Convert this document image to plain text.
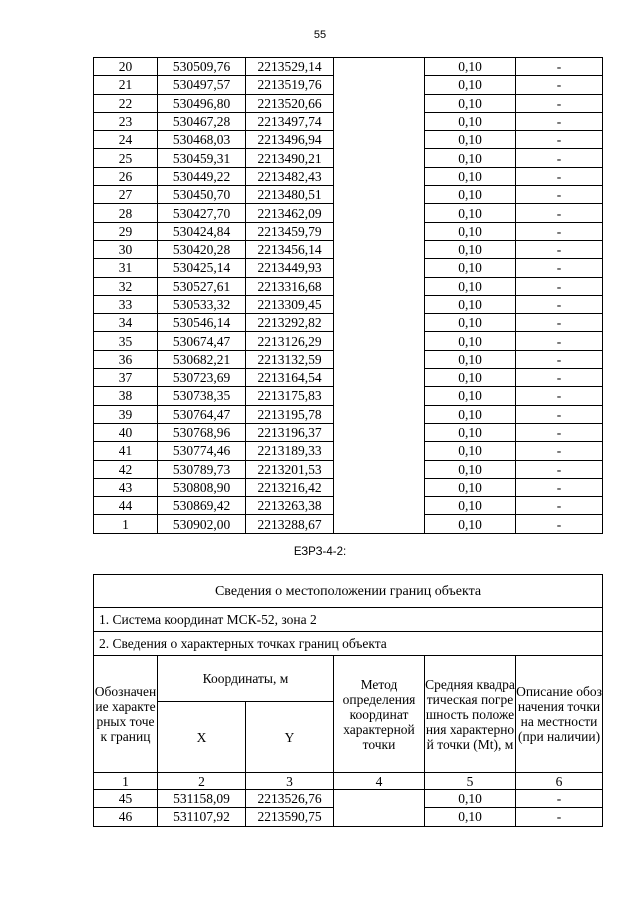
55
20	530509,76	2213529,14		0,10	-
21	530497,57	2213519,76		0,10	-
22	530496,80	2213520,66		0,10	-
23	530467,28	2213497,74		0,10	-
24	530468,03	2213496,94		0,10	-
25	530459,31	2213490,21		0,10	-
26	530449,22	2213482,43		0,10	-
27	530450,70	2213480,51		0,10	-
28	530427,70	2213462,09		0,10	-
29	530424,84	2213459,79		0,10	-
30	530420,28	2213456,14		0,10	-
31	530425,14	2213449,93		0,10	-
32	530527,61	2213316,68		0,10	-
33	530533,32	2213309,45		0,10	-
34	530546,14	2213292,82		0,10	-
35	530674,47	2213126,29		0,10	-
36	530682,21	2213132,59		0,10	-
37	530723,69	2213164,54		0,10	-
38	530738,35	2213175,83		0,10	-
39	530764,47	2213195,78		0,10	-
40	530768,96	2213196,37		0,10	-
41	530774,46	2213189,33		0,10	-
42	530789,73	2213201,53		0,10	-
43	530808,90	2213216,42		0,10	-
44	530869,42	2213263,38		0,10	-
1	530902,00	2213288,67		0,10	-
ЕЗРЗ-4-2:
Сведения о местоположении границ объекта					
1. Система координат МСК-52, зона 2					
2. Сведения о характерных точках границ объекта					
Обозначение характерных точек границ	Координаты, м		Метод определения координат характерной точки	Средняя квадратическая погрешность положения характерной точки (Mt), м	Описание обозначения точки на местности (при наличии)
	X	Y			
1	2	3	4	5	6
45	531158,09	2213526,76		0,10	-
46	531107,92	2213590,75		0,10	-
